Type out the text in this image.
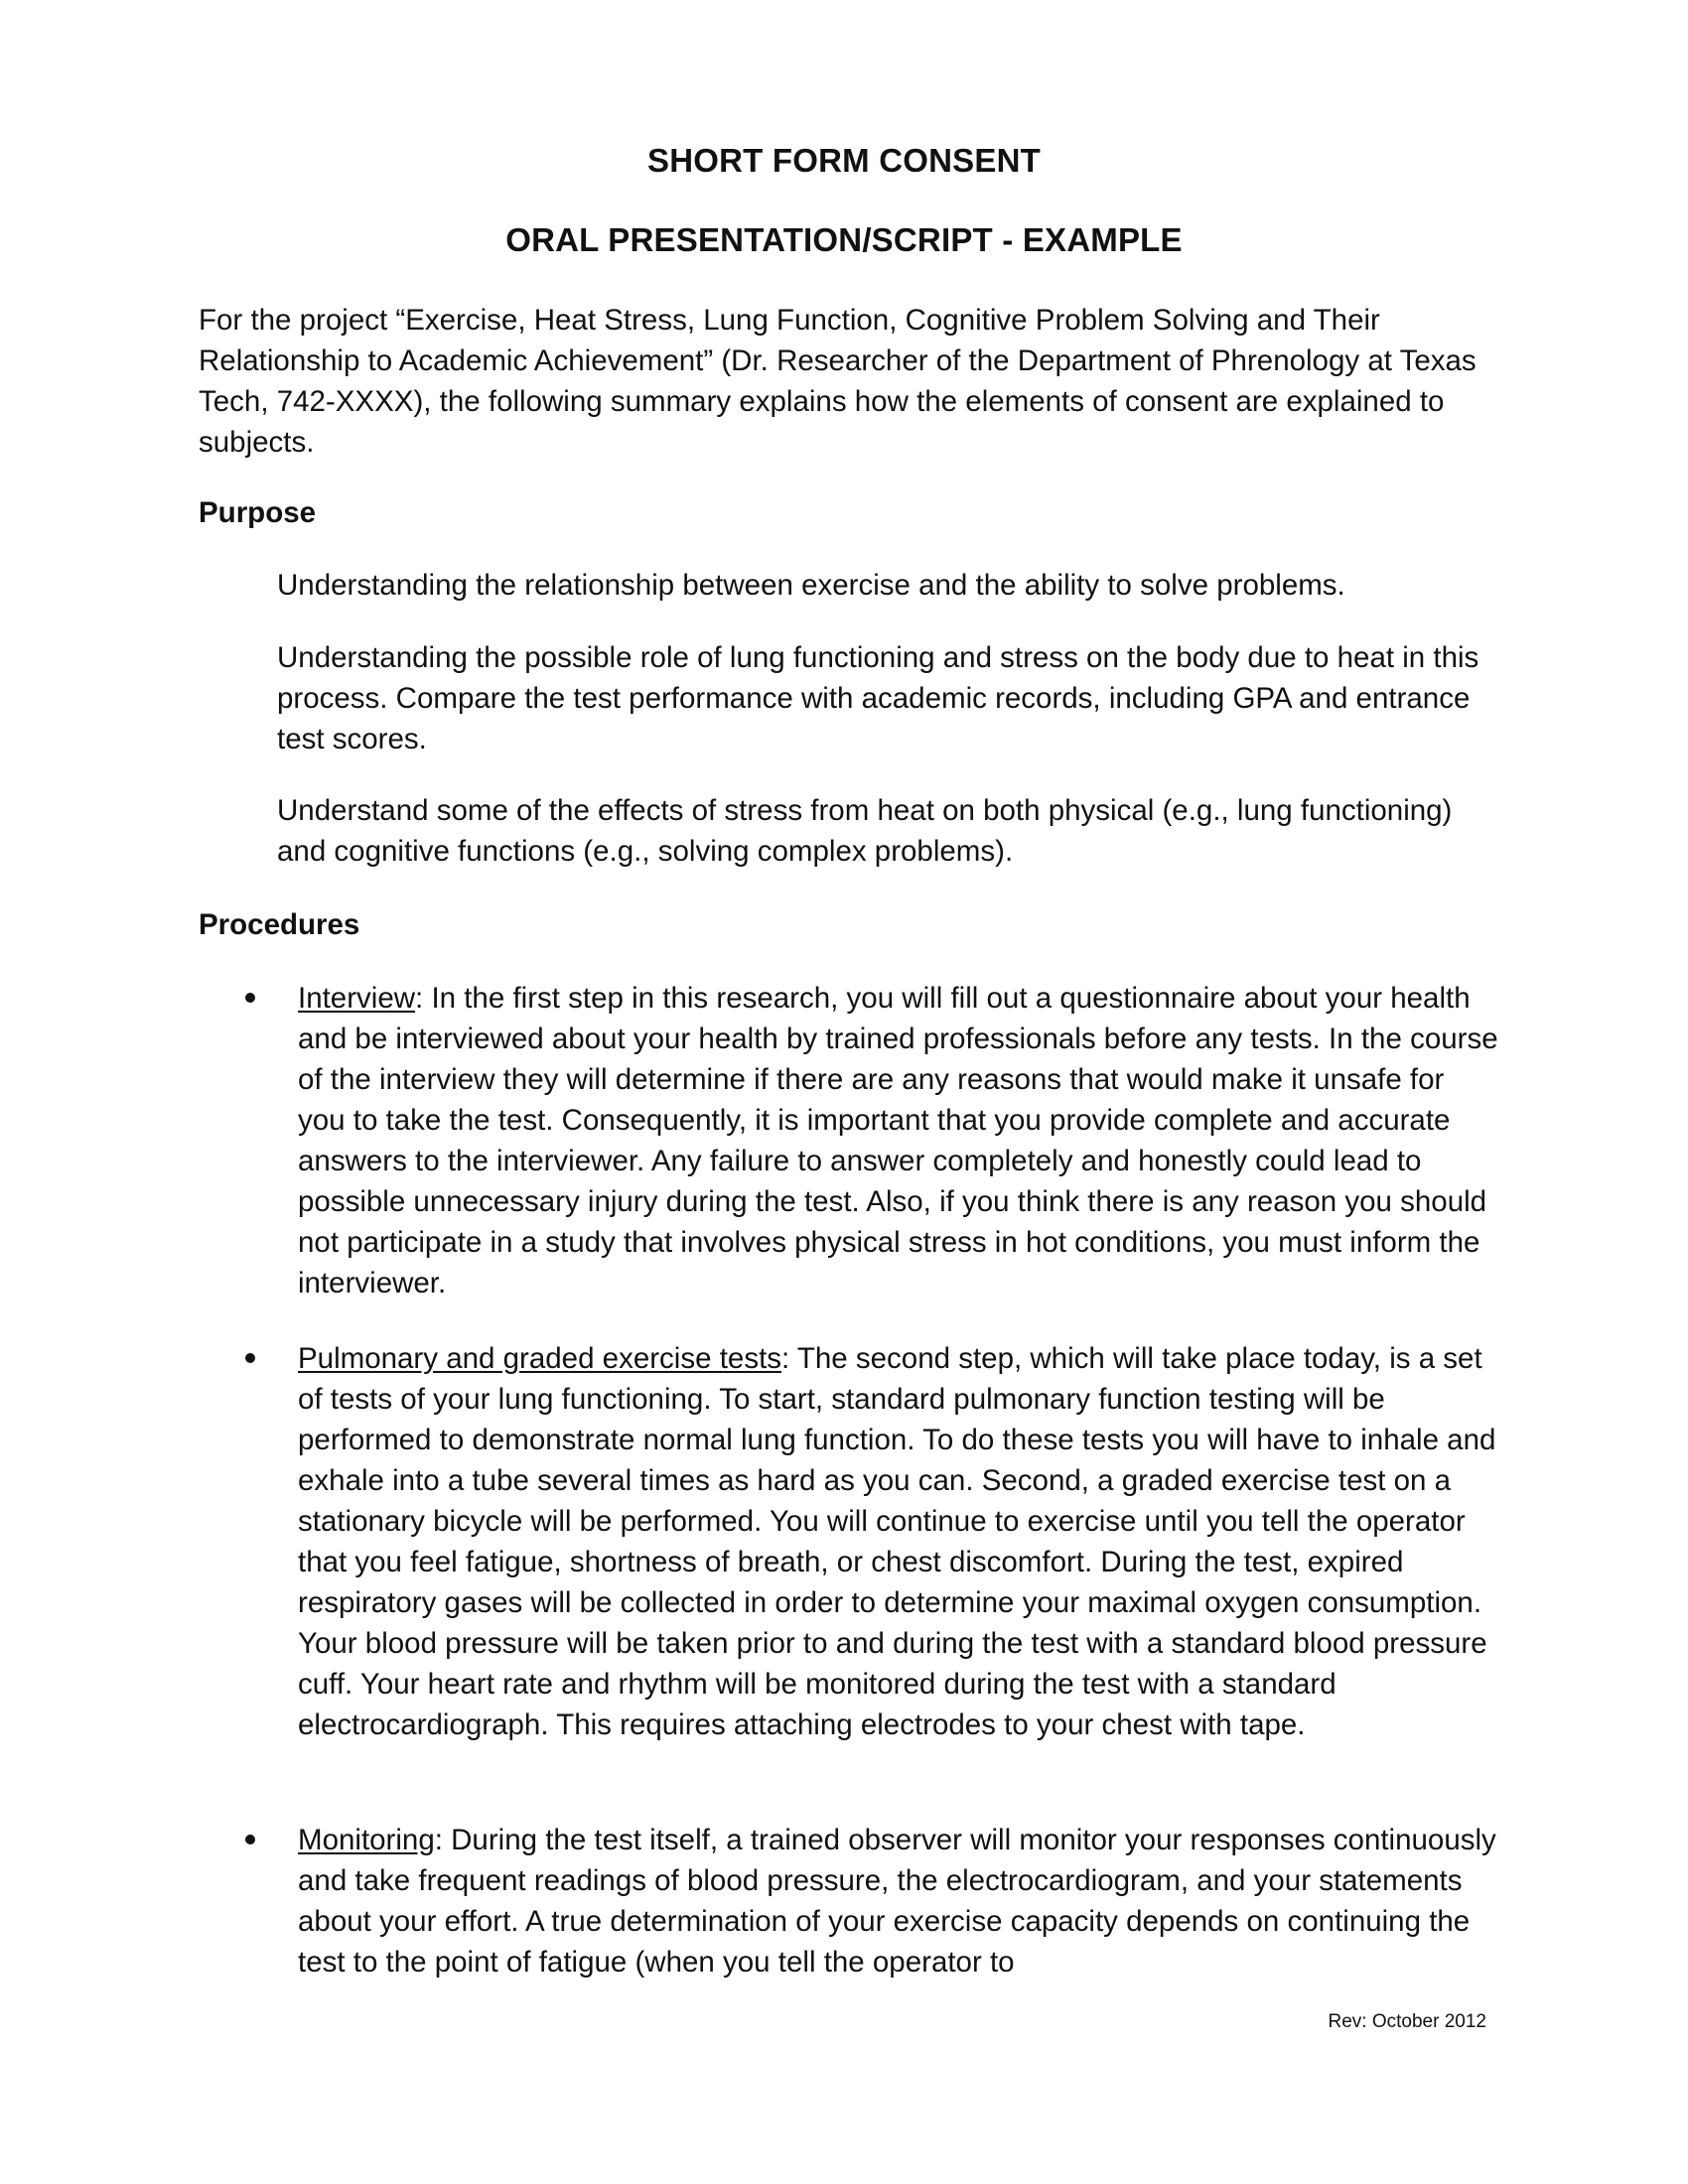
SHORT FORM CONSENT
ORAL PRESENTATION/SCRIPT - EXAMPLE

For the project “Exercise, Heat Stress, Lung Function, Cognitive Problem Solving and Their Relationship to Academic Achievement” (Dr. Researcher of the Department of Phrenology at Texas Tech, 742-XXXX), the following summary explains how the elements of consent are explained to subjects.

Purpose

Understanding the relationship between exercise and the ability to solve problems.

Understanding the possible role of lung functioning and stress on the body due to heat in this process. Compare the test performance with academic records, including GPA and entrance test scores.

Understand some of the effects of stress from heat on both physical (e.g., lung functioning) and cognitive functions (e.g., solving complex problems).

Procedures

Interview: In the first step in this research, you will fill out a questionnaire about your health and be interviewed about your health by trained professionals before any tests. In the course of the interview they will determine if there are any reasons that would make it unsafe for you to take the test. Consequently, it is important that you provide complete and accurate answers to the interviewer. Any failure to answer completely and honestly could lead to possible unnecessary injury during the test. Also, if you think there is any reason you should not participate in a study that involves physical stress in hot conditions, you must inform the interviewer.

Pulmonary and graded exercise tests: The second step, which will take place today, is a set of tests of your lung functioning. To start, standard pulmonary function testing will be performed to demonstrate normal lung function. To do these tests you will have to inhale and exhale into a tube several times as hard as you can. Second, a graded exercise test on a stationary bicycle will be performed. You will continue to exercise until you tell the operator that you feel fatigue, shortness of breath, or chest discomfort. During the test, expired respiratory gases will be collected in order to determine your maximal oxygen consumption. Your blood pressure will be taken prior to and during the test with a standard blood pressure cuff. Your heart rate and rhythm will be monitored during the test with a standard electrocardiograph. This requires attaching electrodes to your chest with tape.

Monitoring: During the test itself, a trained observer will monitor your responses continuously and take frequent readings of blood pressure, the electrocardiogram, and your statements about your effort. A true determination of your exercise capacity depends on continuing the test to the point of fatigue (when you tell the operator to

Rev: October 2012
